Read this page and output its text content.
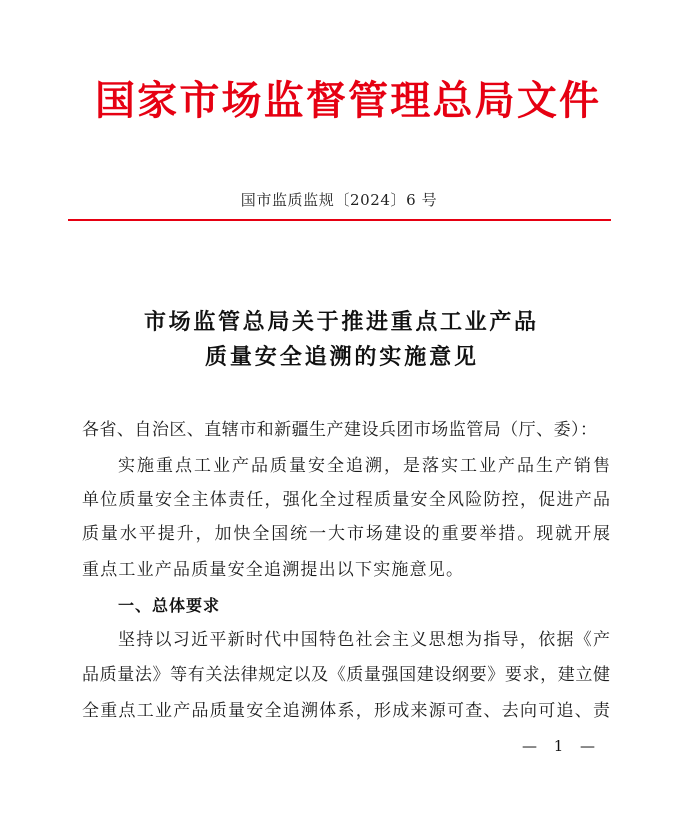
国家市场监督管理总局文件
国市监质监规〔2024〕6 号
市场监管总局关于推进重点工业产品
质量安全追溯的实施意见
各省、自治区、直辖市和新疆生产建设兵团市场监管局（厅、委）：
实施重点工业产品质量安全追溯，是落实工业产品生产销售
单位质量安全主体责任，强化全过程质量安全风险防控，促进产品
质量水平提升，加快全国统一大市场建设的重要举措。现就开展
重点工业产品质量安全追溯提出以下实施意见。
一、总体要求
坚持以习近平新时代中国特色社会主义思想为指导，依据《产
品质量法》等有关法律规定以及《质量强国建设纲要》要求，建立健
全重点工业产品质量安全追溯体系，形成来源可查、去向可追、责
— 1 —
